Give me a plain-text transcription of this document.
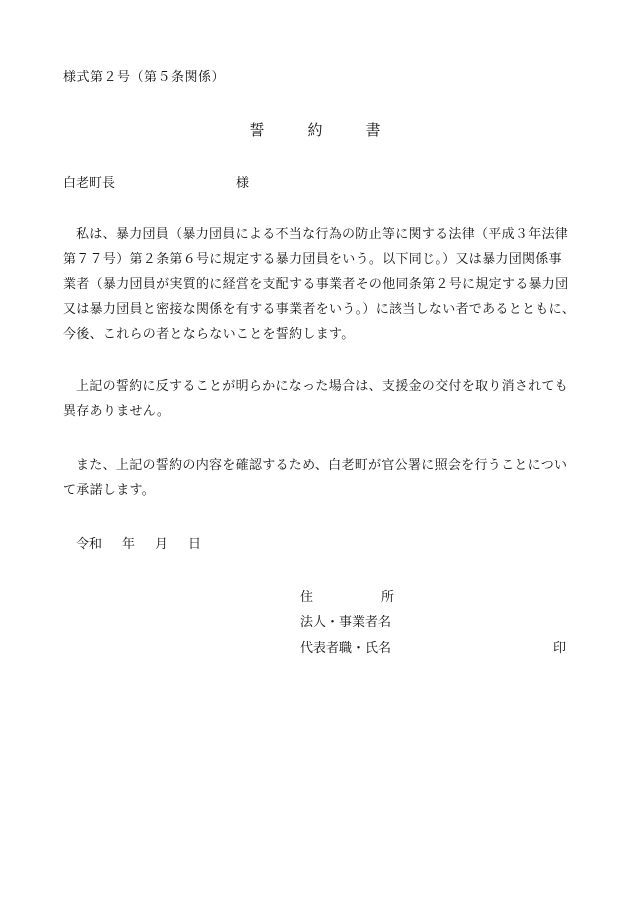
様式第２号（第５条関係）
誓　約　書
白老町長	様

私は、暴力団員（暴力団員による不当な行為の防止等に関する法律（平成３年法律
第７７号）第２条第６号に規定する暴力団員をいう。以下同じ。）又は暴力団関係事
業者（暴力団員が実質的に経営を支配する事業者その他同条第２号に規定する暴力団
又は暴力団員と密接な関係を有する事業者をいう。）に該当しない者であるとともに、
今後、これらの者とならないことを誓約します。

上記の誓約に反することが明らかになった場合は、支援金の交付を取り消されても
異存ありません。

また、上記の誓約の内容を確認するため、白老町が官公署に照会を行うことについ
て承諾します。

令和 年 月 日
住	所
法人・事業者名
代表者職・氏名	印
